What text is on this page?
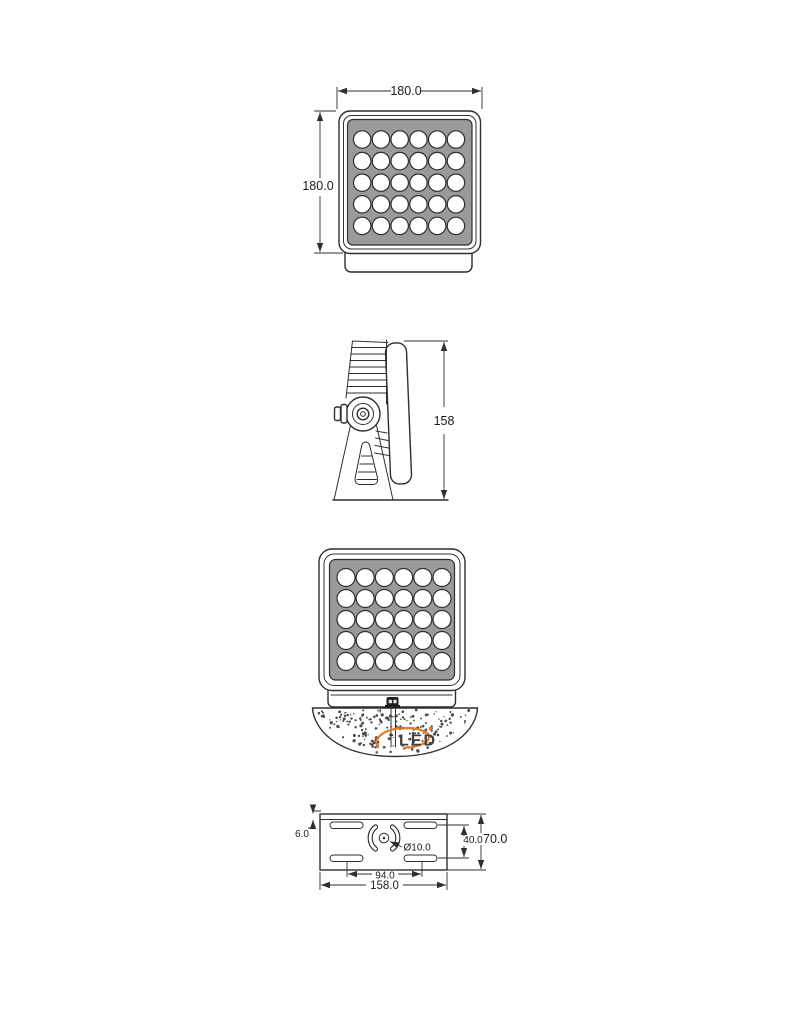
180.0
180.0
158
LED
6.0
Ø10.0
40.0 70.0
94.0
158.0
